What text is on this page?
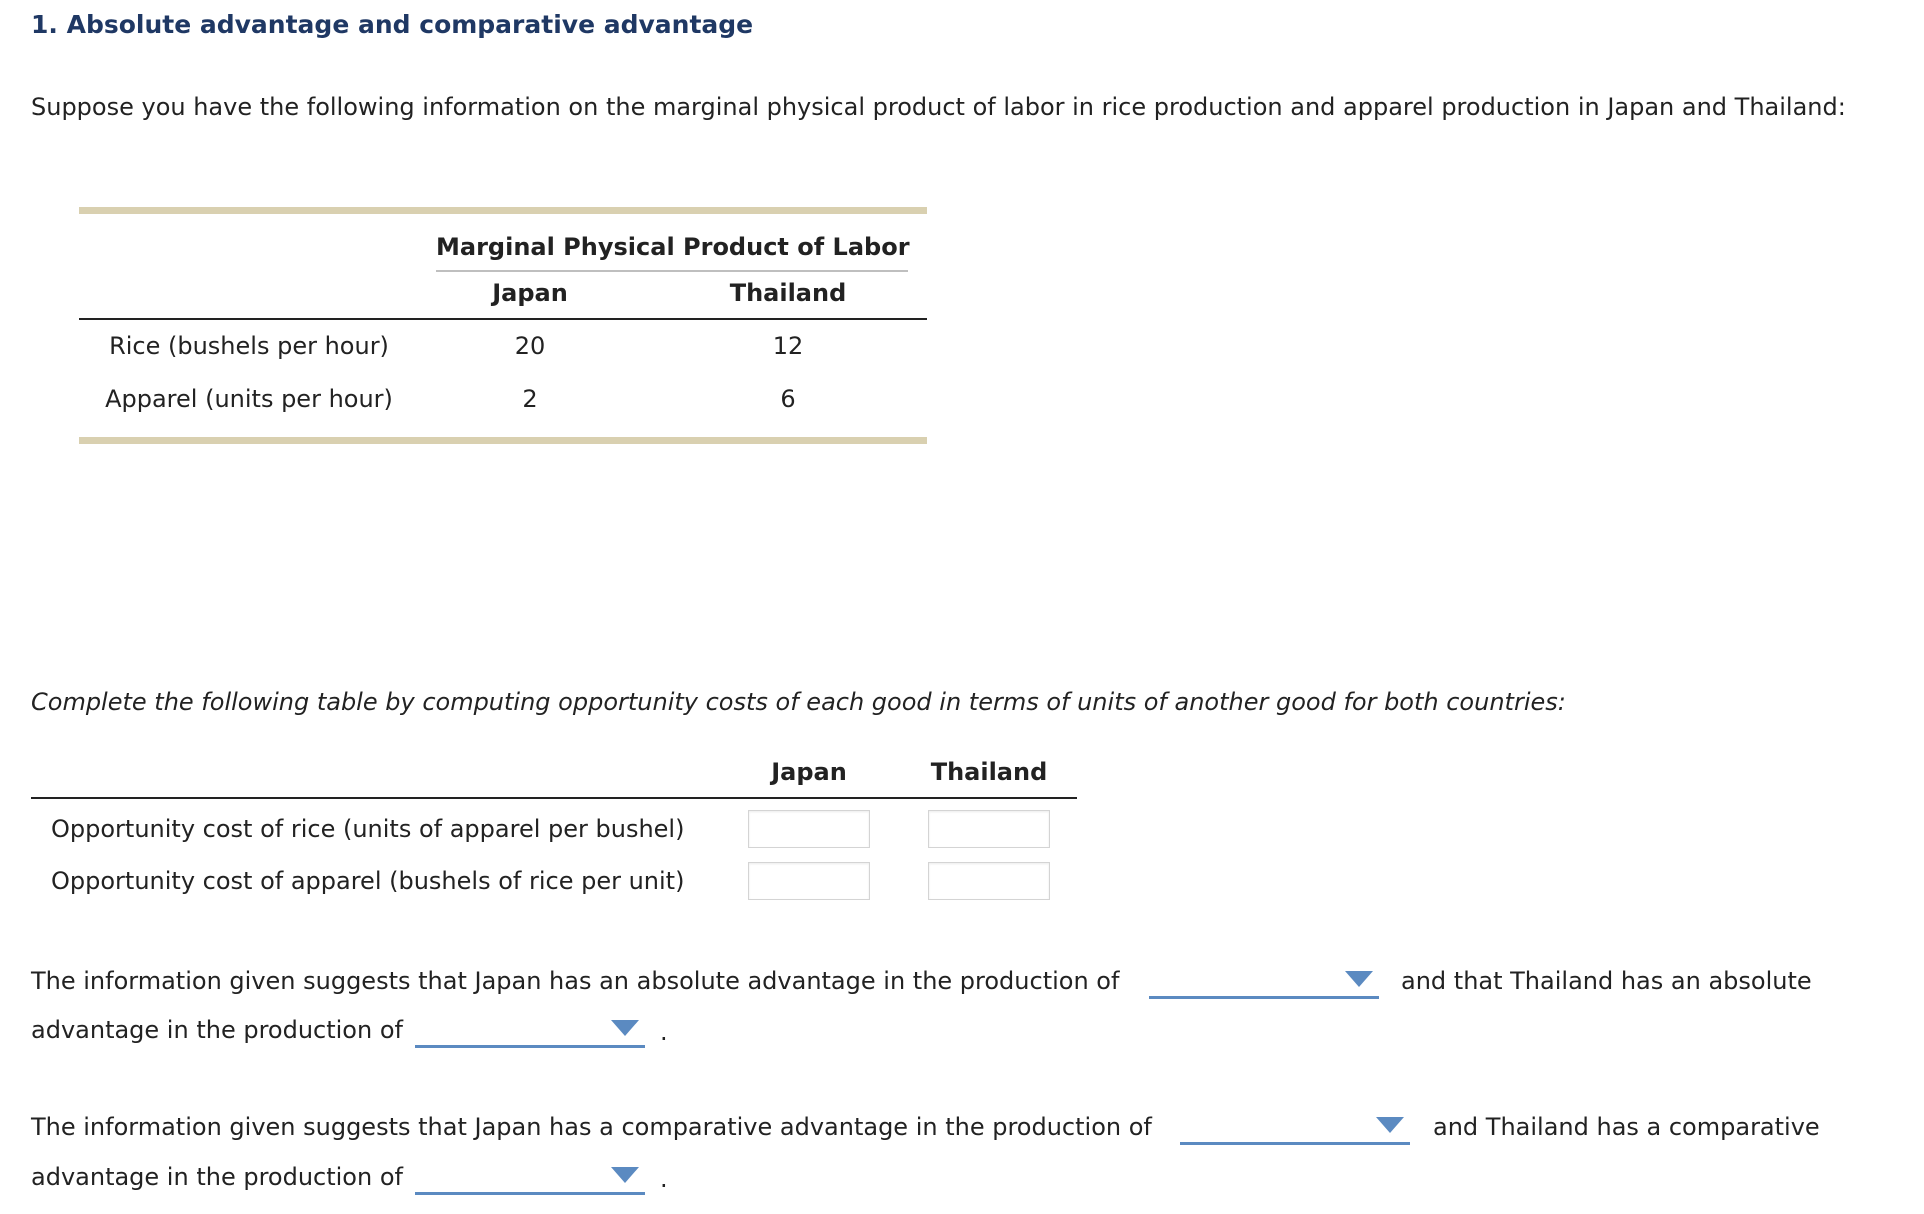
1. Absolute advantage and comparative advantage
Suppose you have the following information on the marginal physical product of labor in rice production and apparel production in Japan and Thailand:
Marginal Physical Product of Labor
Japan	Thailand
Rice (bushels per hour)	20	12
Apparel (units per hour)	2	6
Complete the following table by computing opportunity costs of each good in terms of units of another good for both countries:
Japan	Thailand
Opportunity cost of rice (units of apparel per bushel)
Opportunity cost of apparel (bushels of rice per unit)
The information given suggests that Japan has an absolute advantage in the production of	and that Thailand has an absolute
advantage in the production of	.
The information given suggests that Japan has a comparative advantage in the production of	and Thailand has a comparative
advantage in the production of	.
